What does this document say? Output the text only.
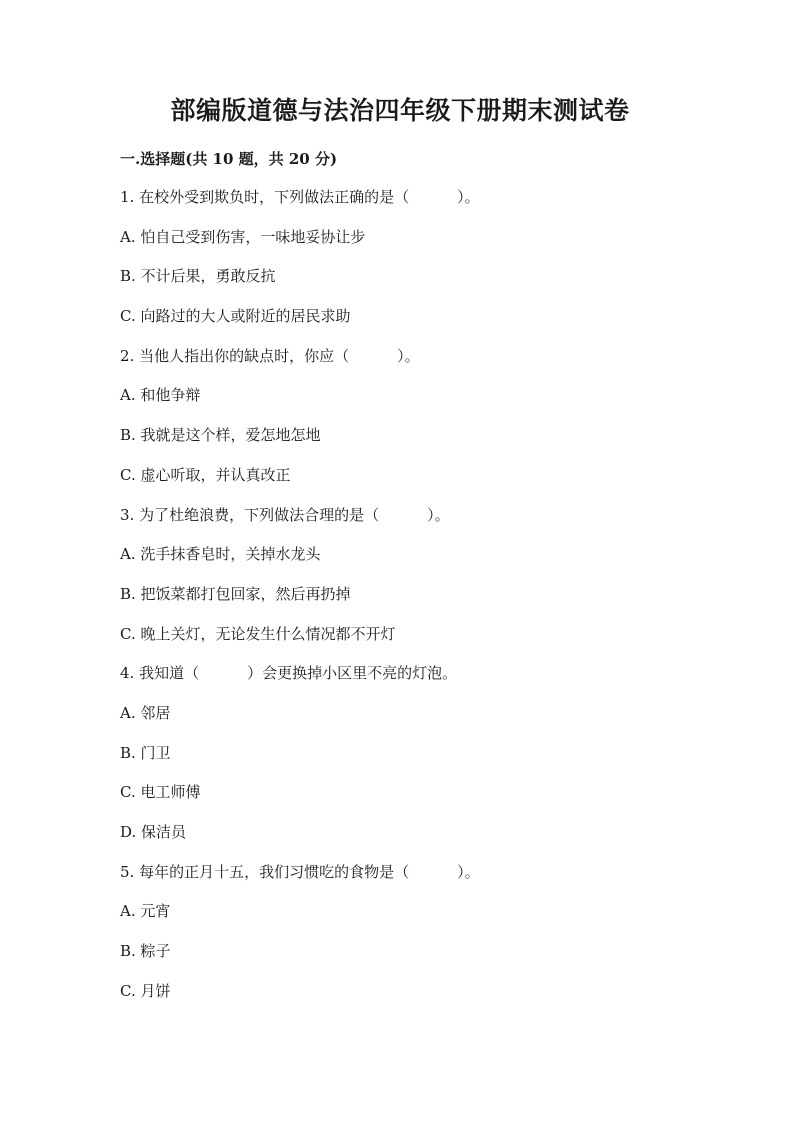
部编版道德与法治四年级下册期末测试卷
一.选择题(共 10 题，共 20 分)
1. 在校外受到欺负时，下列做法正确的是（	）。
A. 怕自己受到伤害，一味地妥协让步
B. 不计后果，勇敢反抗
C. 向路过的大人或附近的居民求助
2. 当他人指出你的缺点时，你应（	）。
A. 和他争辩
B. 我就是这个样，爱怎地怎地
C. 虚心听取，并认真改正
3. 为了杜绝浪费，下列做法合理的是（	）。
A. 洗手抹香皂时，关掉水龙头
B. 把饭菜都打包回家，然后再扔掉
C. 晚上关灯，无论发生什么情况都不开灯
4. 我知道（	）会更换掉小区里不亮的灯泡。
A. 邻居
B. 门卫
C. 电工师傅
D. 保洁员
5. 每年的正月十五，我们习惯吃的食物是（	）。
A. 元宵
B. 粽子
C. 月饼
